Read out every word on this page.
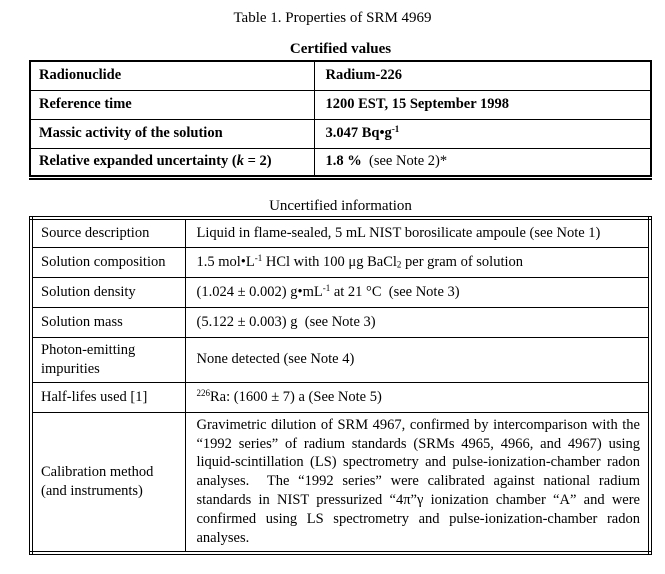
Table 1. Properties of SRM 4969
Certified values
Radionuclide	Radium-226
Reference time	1200 EST, 15 September 1998
Massic activity of the solution	3.047 $Bq•g^{-1}$
Relative expanded uncertainty (k = 2)	1.8 %  (see Note 2)*
Uncertified information
Source description	Liquid in flame-sealed, 5 mL NIST borosilicate ampoule (see Note 1)
Solution composition	1.5 $mol•L^{-1}$ HCl with 100 μg BaCl$_2$ per gram of solution
Solution density	(1.024 ± 0.002) $g•mL^{-1}$ at 21 °C  (see Note 3)
Solution mass	(5.122 ± 0.003) g  (see Note 3)
Photon-emitting impurities	None detected (see Note 4)
Half-lifes used [1]	$^{226}$Ra: (1600 ± 7) a (See Note 5)
Calibration method (and instruments)	Gravimetric dilution of SRM 4967, confirmed by intercomparison with the “1992 series” of radium standards (SRMs 4965, 4966, and 4967) using liquid-scintillation (LS) spectrometry and pulse-ionization-chamber radon analyses.  The “1992 series” were calibrated against national radium standards in NIST pressurized “4π”γ ionization chamber “A” and were confirmed using LS spectrometry and pulse-ionization-chamber radon analyses.
